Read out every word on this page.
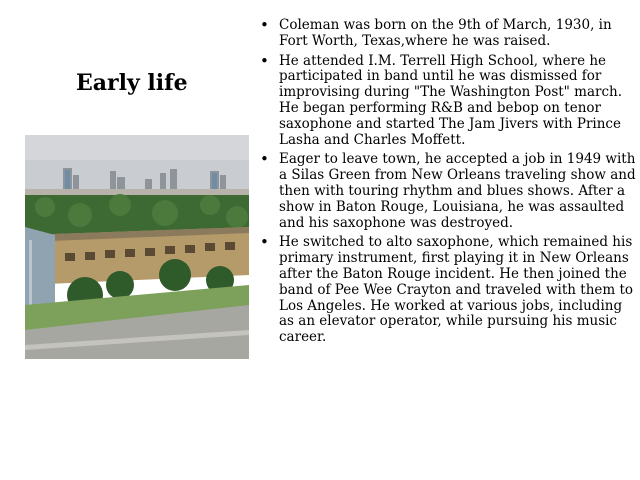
Early life
• Coleman was born on the 9th of March, 1930, in Fort Worth, Texas,where he was raised.
• He attended I.M. Terrell High School, where he participated in band until he was dismissed for improvising during "The Washington Post" march. He began performing R&B and bebop on tenor saxophone and started The Jam Jivers with Prince Lasha and Charles Moffett.
• Eager to leave town, he accepted a job in 1949 with a Silas Green from New Orleans traveling show and then with touring rhythm and blues shows. After a show in Baton Rouge, Louisiana, he was assaulted and his saxophone was destroyed.
• He switched to alto saxophone, which remained his primary instrument, first playing it in New Orleans after the Baton Rouge incident. He then joined the band of Pee Wee Crayton and traveled with them to Los Angeles. He worked at various jobs, including as an elevator operator, while pursuing his music career.
